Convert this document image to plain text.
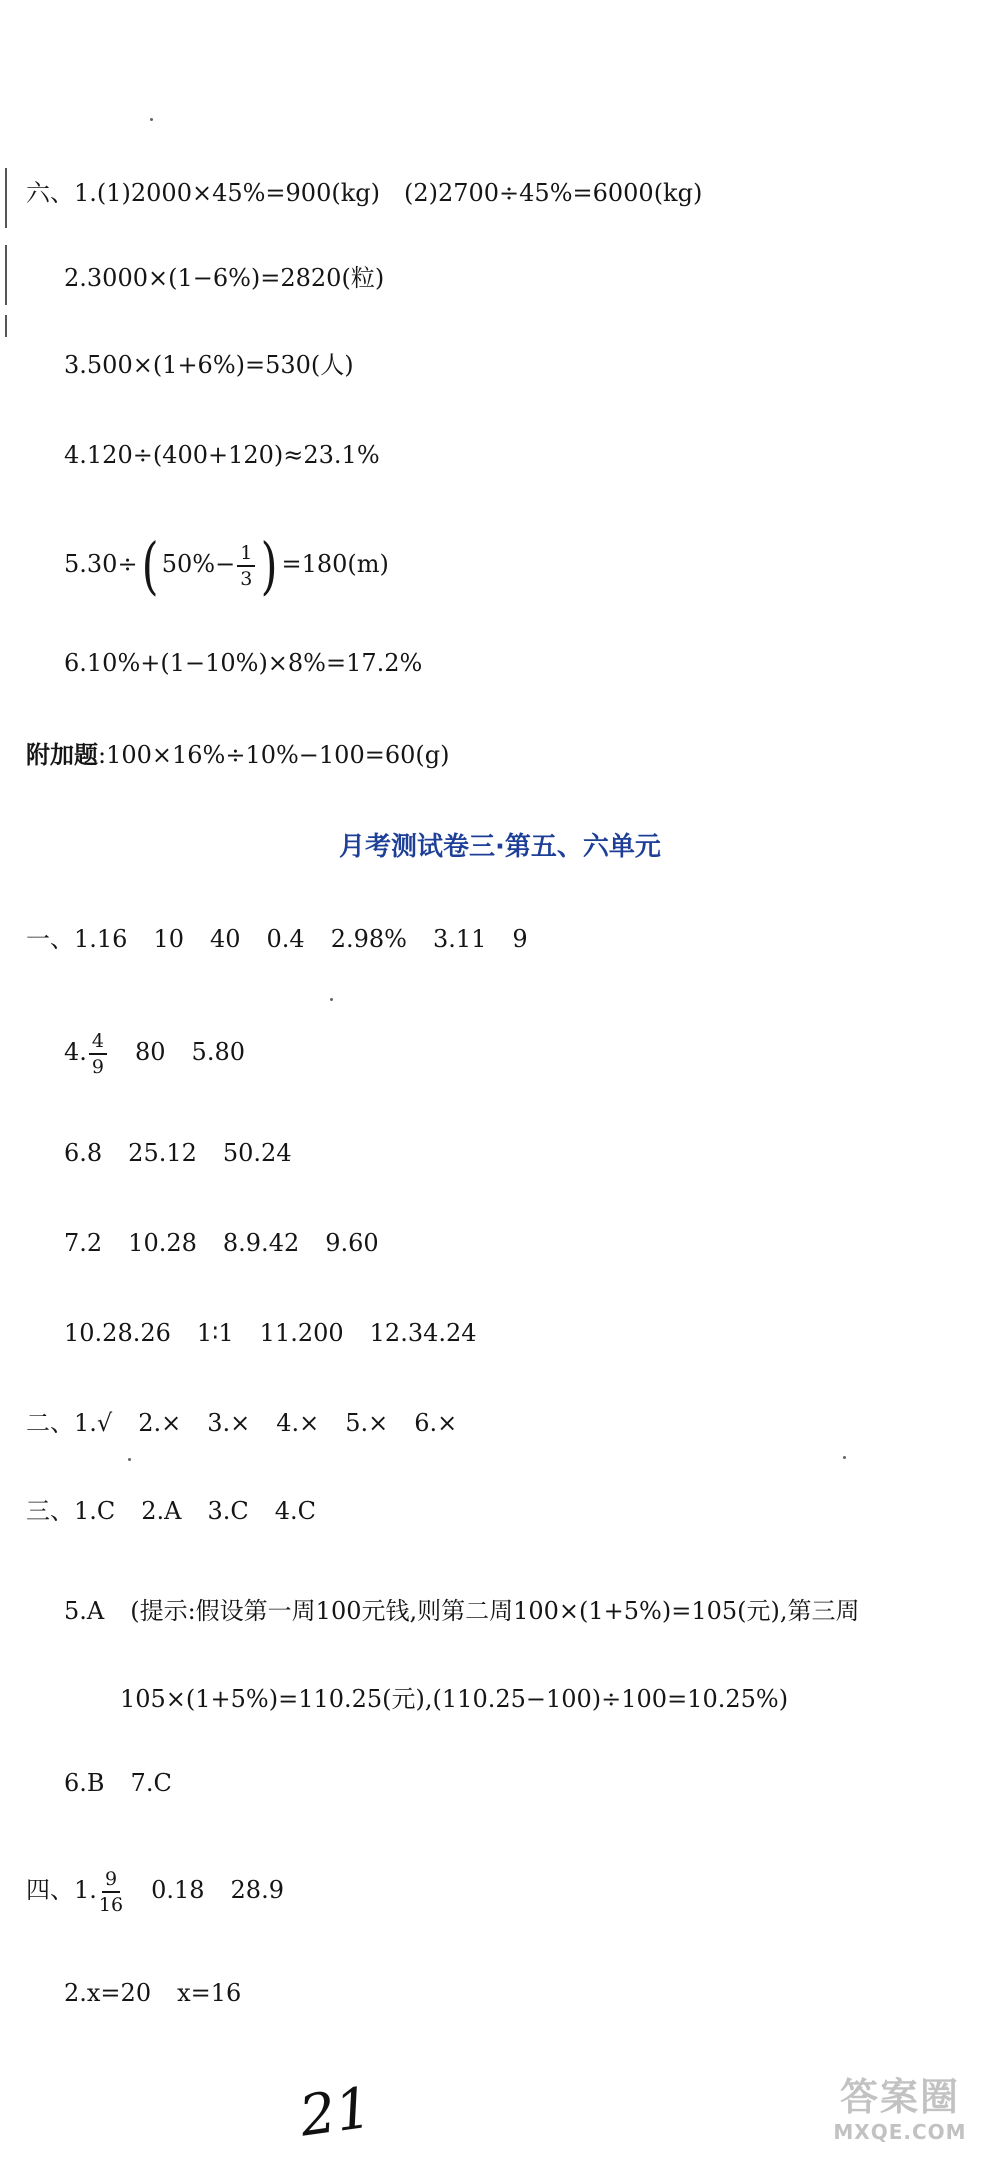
六、1.(1)2000×45%=900(kg)　(2)2700÷45%=6000(kg)
2.3000×(1−6%)=2820(粒)
3.500×(1+6%)=530(人)
4.120÷(400+120)≈23.1%
5.30÷( $50\%- \frac{1}{3}$ ) =180(m)
6.10%+(1−10%)×8%=17.2%
附加题:100×16%÷10%−100=60(g)
月考测试卷三·第五、六单元
一、1.16 10 40 0.4 2.98% 3.11 9
4. $\frac{4}{9} 80$ 5.80
6.8 25.12 50.24
7.2 10.28 8.9.42 9.60
10.28.26 1∶1 11.200 12.34.24
二、1.√ 2.× 3.× 4.× 5.× 6.×
三、1.C 2.A 3.C 4.C
5.A (提示:假设第一周100元钱,则第二周100×(1+5%)=105(元),第三周
105×(1+5%)=110.25(元),(110.25−100)÷100=10.25%)
6.B 7.C
四、1. $\frac{9}{16} 0.18$ 28.9
2.x=20 x=16
21	答案圈
MXQE.COM
